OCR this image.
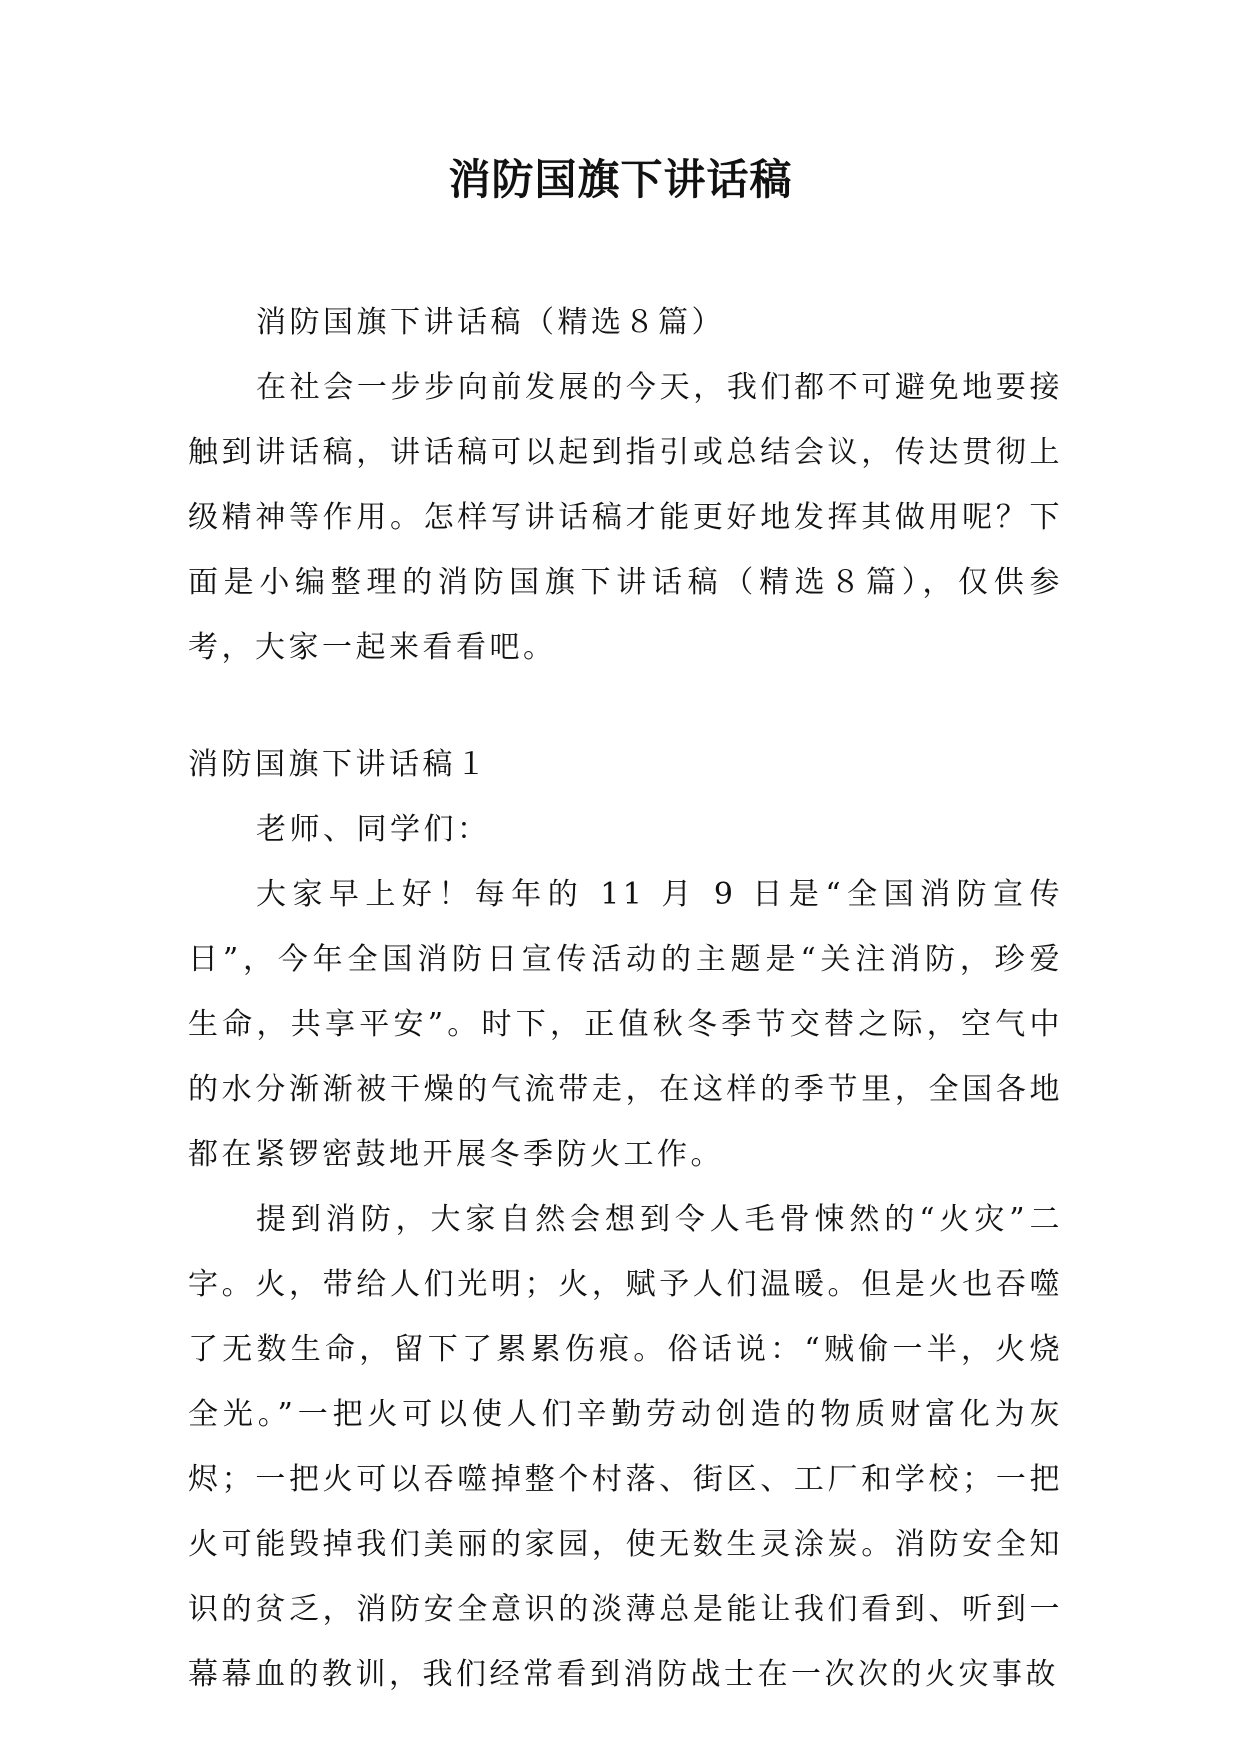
消防国旗下讲话稿

消防国旗下讲话稿（精选８篇）

在社会一步步向前发展的今天，我们都不可避免地要接触到讲话稿，讲话稿可以起到指引或总结会议，传达贯彻上级精神等作用。怎样写讲话稿才能更好地发挥其做用呢？下面是小编整理的消防国旗下讲话稿（精选８篇），仅供参考，大家一起来看看吧。

消防国旗下讲话稿１

老师、同学们：

大家早上好！每年的 11 月 9 日是“全国消防宣传日”，今年全国消防日宣传活动的主题是“关注消防，珍爱生命，共享平安”。时下，正值秋冬季节交替之际，空气中的水分渐渐被干燥的气流带走，在这样的季节里，全国各地都在紧锣密鼓地开展冬季防火工作。

提到消防，大家自然会想到令人毛骨悚然的“火灾”二字。火，带给人们光明；火，赋予人们温暖。但是火也吞噬了无数生命，留下了累累伤痕。俗话说：“贼偷一半，火烧全光。”一把火可以使人们辛勤劳动创造的物质财富化为灰烬；一把火可以吞噬掉整个村落、街区、工厂和学校；一把火可能毁掉我们美丽的家园，使无数生灵涂炭。消防安全知识的贫乏，消防安全意识的淡薄总是能让我们看到、听到一幕幕血的教训，我们经常看到消防战士在一次次的火灾事故
